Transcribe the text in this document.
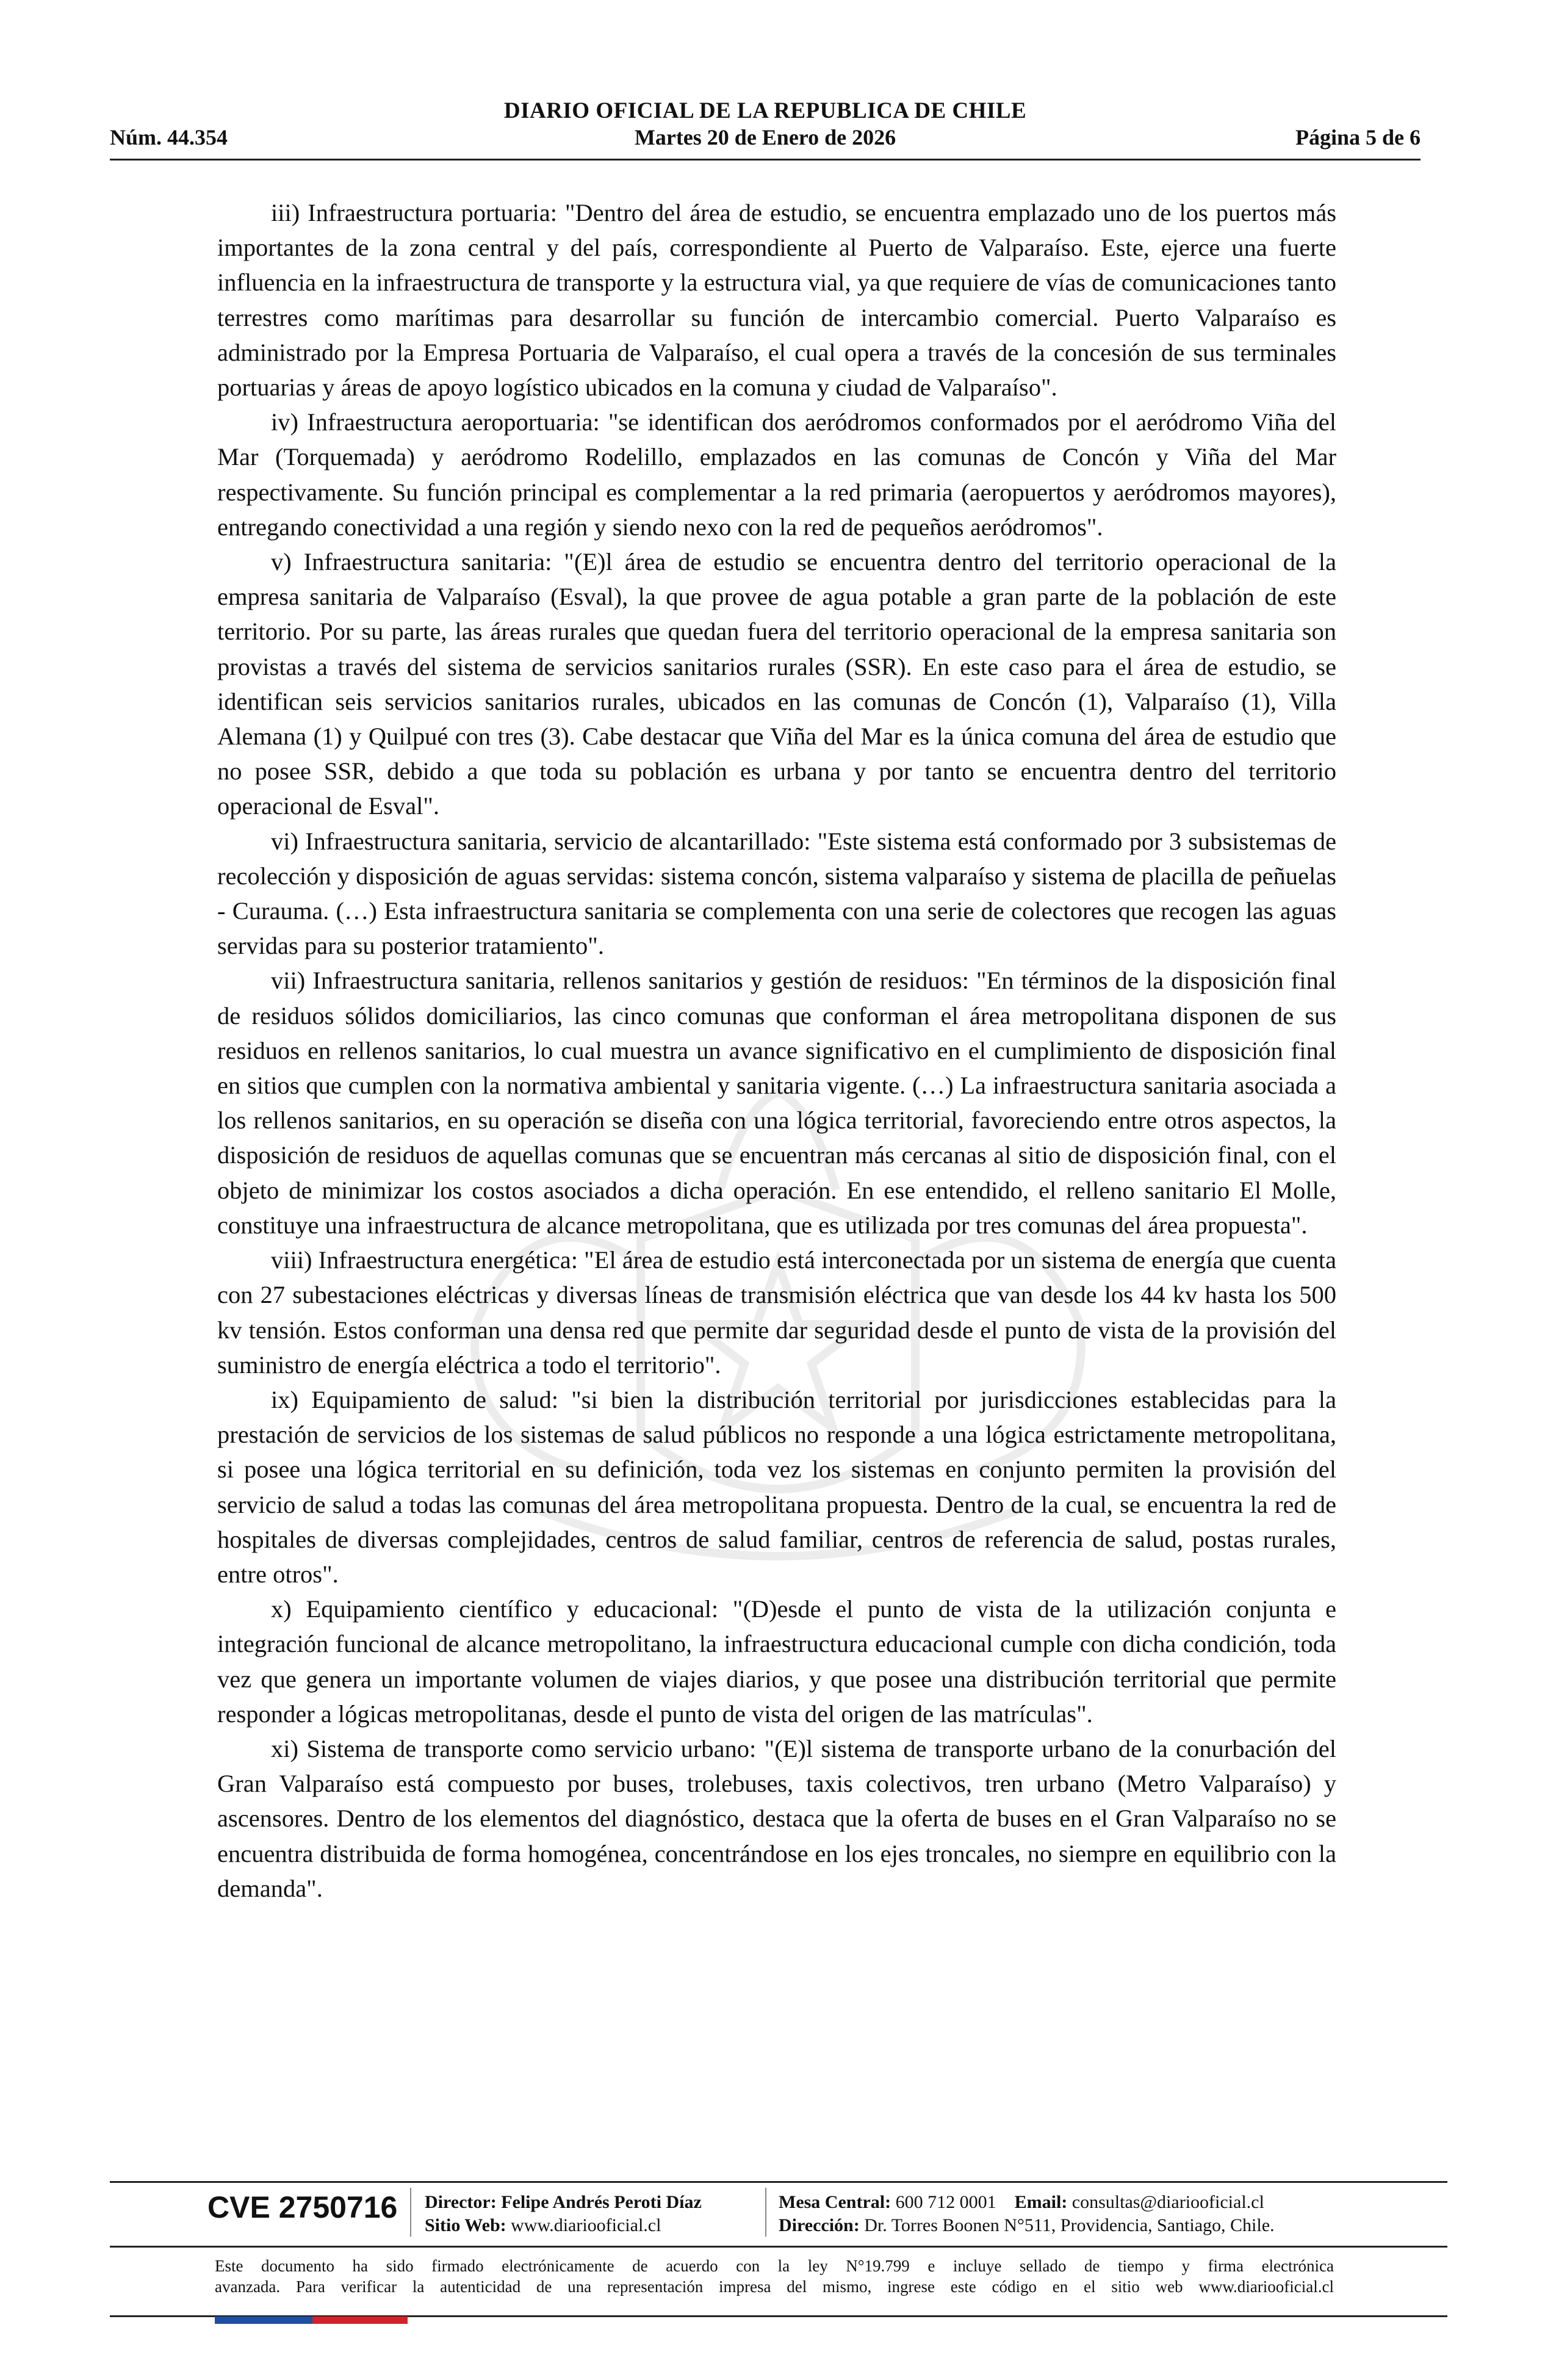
DIARIO OFICIAL DE LA REPUBLICA DE CHILE
Núm. 44.354	Martes 20 de Enero de 2026	Página 5 de 6

iii) Infraestructura portuaria: "Dentro del área de estudio, se encuentra emplazado uno de los puertos más importantes de la zona central y del país, correspondiente al Puerto de Valparaíso. Este, ejerce una fuerte influencia en la infraestructura de transporte y la estructura vial, ya que requiere de vías de comunicaciones tanto terrestres como marítimas para desarrollar su función de intercambio comercial. Puerto Valparaíso es administrado por la Empresa Portuaria de Valparaíso, el cual opera a través de la concesión de sus terminales portuarias y áreas de apoyo logístico ubicados en la comuna y ciudad de Valparaíso".

iv) Infraestructura aeroportuaria: "se identifican dos aeródromos conformados por el aeródromo Viña del Mar (Torquemada) y aeródromo Rodelillo, emplazados en las comunas de Concón y Viña del Mar respectivamente. Su función principal es complementar a la red primaria (aeropuertos y aeródromos mayores), entregando conectividad a una región y siendo nexo con la red de pequeños aeródromos".

v) Infraestructura sanitaria: "(E)l área de estudio se encuentra dentro del territorio operacional de la empresa sanitaria de Valparaíso (Esval), la que provee de agua potable a gran parte de la población de este territorio. Por su parte, las áreas rurales que quedan fuera del territorio operacional de la empresa sanitaria son provistas a través del sistema de servicios sanitarios rurales (SSR). En este caso para el área de estudio, se identifican seis servicios sanitarios rurales, ubicados en las comunas de Concón (1), Valparaíso (1), Villa Alemana (1) y Quilpué con tres (3). Cabe destacar que Viña del Mar es la única comuna del área de estudio que no posee SSR, debido a que toda su población es urbana y por tanto se encuentra dentro del territorio operacional de Esval".

vi) Infraestructura sanitaria, servicio de alcantarillado: "Este sistema está conformado por 3 subsistemas de recolección y disposición de aguas servidas: sistema concón, sistema valparaíso y sistema de placilla de peñuelas - Curauma. (…) Esta infraestructura sanitaria se complementa con una serie de colectores que recogen las aguas servidas para su posterior tratamiento".

vii) Infraestructura sanitaria, rellenos sanitarios y gestión de residuos: "En términos de la disposición final de residuos sólidos domiciliarios, las cinco comunas que conforman el área metropolitana disponen de sus residuos en rellenos sanitarios, lo cual muestra un avance significativo en el cumplimiento de disposición final en sitios que cumplen con la normativa ambiental y sanitaria vigente. (…) La infraestructura sanitaria asociada a los rellenos sanitarios, en su operación se diseña con una lógica territorial, favoreciendo entre otros aspectos, la disposición de residuos de aquellas comunas que se encuentran más cercanas al sitio de disposición final, con el objeto de minimizar los costos asociados a dicha operación. En ese entendido, el relleno sanitario El Molle, constituye una infraestructura de alcance metropolitana, que es utilizada por tres comunas del área propuesta".

viii) Infraestructura energética: "El área de estudio está interconectada por un sistema de energía que cuenta con 27 subestaciones eléctricas y diversas líneas de transmisión eléctrica que van desde los 44 kv hasta los 500 kv tensión. Estos conforman una densa red que permite dar seguridad desde el punto de vista de la provisión del suministro de energía eléctrica a todo el territorio".

ix) Equipamiento de salud: "si bien la distribución territorial por jurisdicciones establecidas para la prestación de servicios de los sistemas de salud públicos no responde a una lógica estrictamente metropolitana, si posee una lógica territorial en su definición, toda vez los sistemas en conjunto permiten la provisión del servicio de salud a todas las comunas del área metropolitana propuesta. Dentro de la cual, se encuentra la red de hospitales de diversas complejidades, centros de salud familiar, centros de referencia de salud, postas rurales, entre otros".

x) Equipamiento científico y educacional: "(D)esde el punto de vista de la utilización conjunta e integración funcional de alcance metropolitano, la infraestructura educacional cumple con dicha condición, toda vez que genera un importante volumen de viajes diarios, y que posee una distribución territorial que permite responder a lógicas metropolitanas, desde el punto de vista del origen de las matrículas".

xi) Sistema de transporte como servicio urbano: "(E)l sistema de transporte urbano de la conurbación del Gran Valparaíso está compuesto por buses, trolebuses, taxis colectivos, tren urbano (Metro Valparaíso) y ascensores. Dentro de los elementos del diagnóstico, destaca que la oferta de buses en el Gran Valparaíso no se encuentra distribuida de forma homogénea, concentrándose en los ejes troncales, no siempre en equilibrio con la demanda".

CVE 2750716 Director: Felipe Andrés Peroti Díaz
Sitio Web: www.diariooficial.cl
Mesa Central: 600 712 0001 Email: consultas@diariooficial.cl
Dirección: Dr. Torres Boonen N°511, Providencia, Santiago, Chile.
Este documento ha sido firmado electrónicamente de acuerdo con la ley N°19.799 e incluye sellado de tiempo y firma electrónica
avanzada. Para verificar la autenticidad de una representación impresa del mismo, ingrese este código en el sitio web www.diariooficial.cl
